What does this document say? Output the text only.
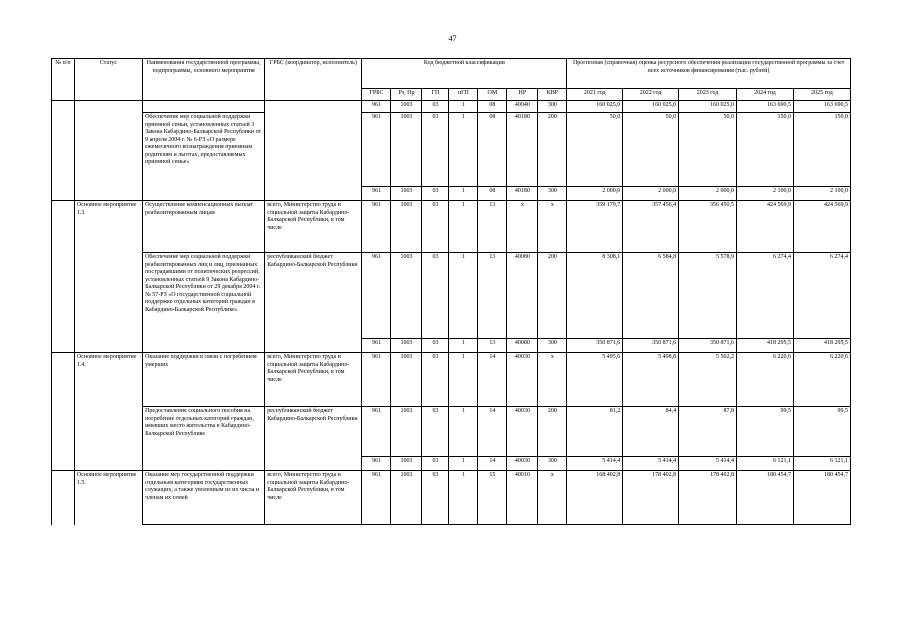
47
№ п/п	Статус	Наименования государственной программы, подпрограммы, основного мероприятия	ГРБС (координатор, исполнитель)	Код бюджетной классификации							Прогнозная (справочная) оценка ресурсного обеспечения реализации государственной программы за счет всех источников финансирования (тыс. рублей)				
				ГРБС	Рз, Пр	ГП	пГП	ОМ	НР	КВР	2021 год	2022 год	2023 год	2024 год	2025 год
				961	1003	03	1	08	40040	300	160 025,0	160 025,0	160 025,0	163 690,5	163 690,5
		Обеспечение мер социальной поддержки приемной семьи, установленных статьей 3 Закона Кабардино-Балкарской Республики от 9 апреля 2004 г. № 6-РЗ «О размере ежемесячного вознаграждения приемным родителям и льготах, предоставляемых приемной семье»		961	1003	03	1	08	40180	200	50,0	50,0	50,0	150,0	150,0
				961	1003	03	1	08	40180	300	2 000,0	2 000,0	2 000,0	2 100,0	2 100,0
	Основное мероприятие 1.3.	Осуществление компенсационных выплат реабилитированным лицам	всего, Министерство труда и социальной защиты Кабардино-Балкарской Республики, в том числе	961	1003	03	1	13	х	х	359 179,7	357 456,4	356 450,5	424 569,9	424 569,9
		Обеспечение мер социальной поддержки реабилитированных лиц и лиц, признанных пострадавшими от политических репрессий, установленных статьей 9 Закона Кабардино-Балкарской Республики от 29 декабря 2004 г. № 57-РЗ «О государственной социальной поддержке отдельных категорий граждан в Кабардино-Балкарской Республике»	республиканский бюджет Кабардино-Балкарской Республики	961	1003	03	1	13	40080	200	8 308,1	6 584,8	5 578,9	6 274,4	6 274,4
				961	1003	03	1	13	40080	300	350 871,6	350 871,6	350 871,6	418 295,5	418 295,5
	Основное мероприятие 1.4.	Оказание поддержки в связи с погребением умерших	всего, Министерство труда и социальной защиты Кабардино-Балкарской Республики, в том числе	961	1003	03	1	14	40030	х	5 495,6	5 498,8	5 502,2	6 220,6	6 220,6
		Предоставление социального пособия на погребение отдельных категорий граждан, имевших место жительства в Кабардино-Балкарской Республике	республиканский бюджет Кабардино-Балкарской Республики	961	1003	03	1	14	40030	200	81,2	84,4	87,8	99,5	99,5
				961	1003	03	1	14	40030	300	5 414,4	5 414,4	5 414,4	6 121,1	6 121,1
	Основное мероприятие 1.5.	Оказание мер государственной поддержки отдельным категориям государственных служащих, а также уволенным из их числа и членам их семей	всего, Министерство труда и социальной защиты Кабардино-Балкарской Республики, в том числе	961	1003	03	1	15	40010	х	168 402,8	178 402,8	178 402,8	180 454,7	180 454,7
